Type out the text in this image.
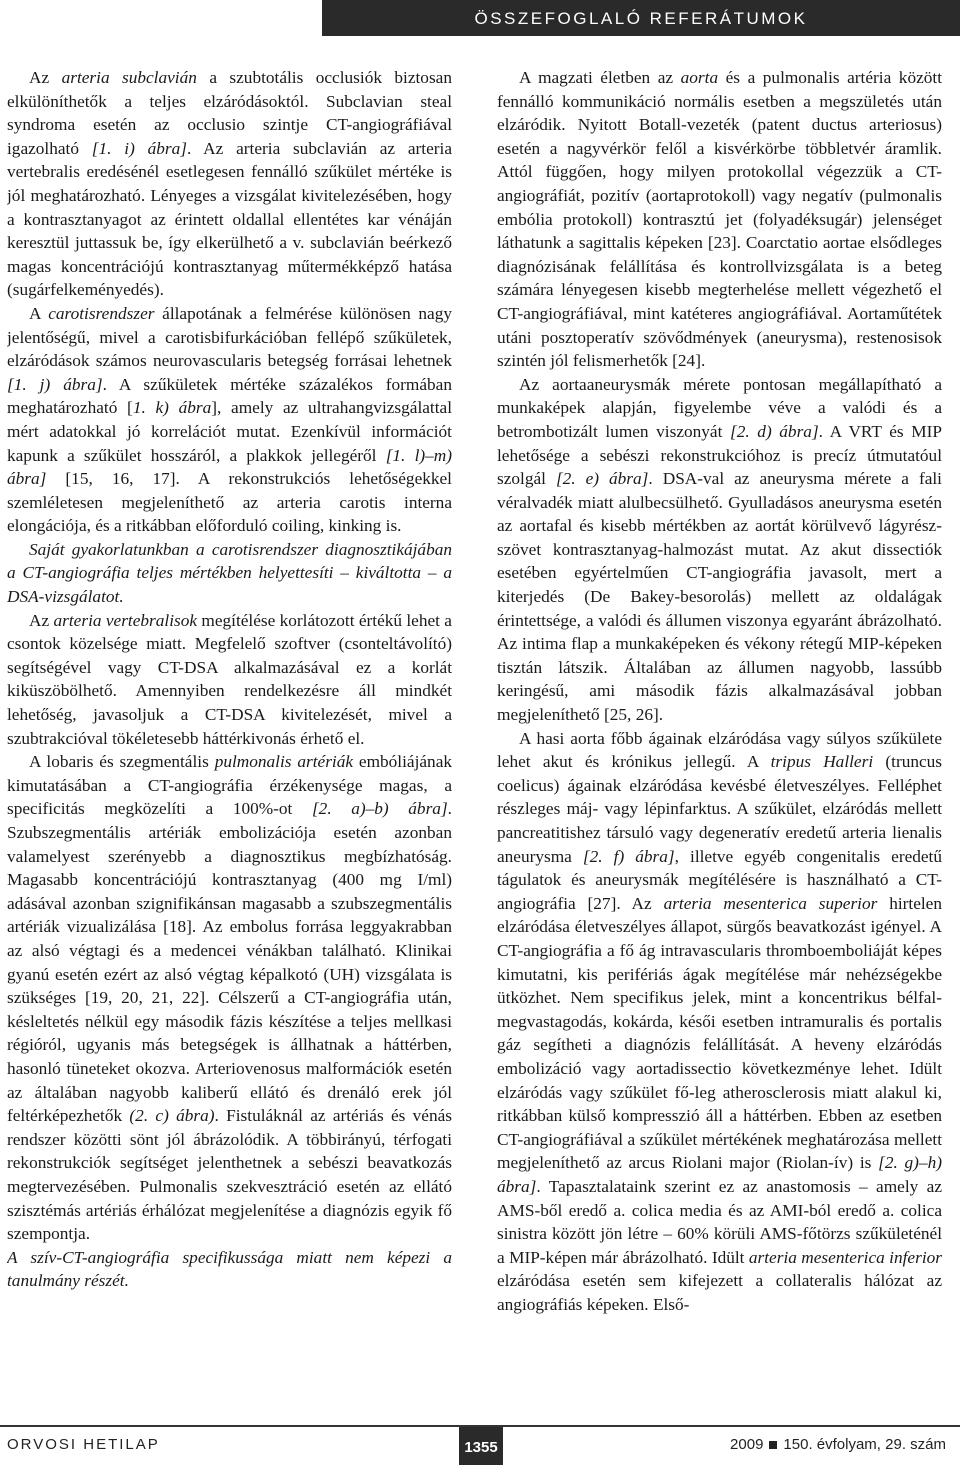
ÖSSZEFOGLALÓ REFERÁTUMOK

Az arteria subclavián a szubtotális occlusiók biztosan elkülöníthetők a teljes elzáródásoktól. Subclavian steal syndroma esetén az occlusio szintje CT-angiográfiával igazolható [1. i) ábra]. Az arteria subclavián az arteria vertebralis eredésénél esetlegesen fennálló szűkület mértéke is jól meghatározható. Lényeges a vizsgálat kivitelezésében, hogy a kontrasztanyagot az érintett oldallal ellentétes kar vénáján keresztül juttassuk be, így elkerülhető a v. subclavián beérkező magas koncentrációjú kontrasztanyag műtermékképző hatása (sugárfelkeményedés).

A carotisrendszer állapotának a felmérése különösen nagy jelentőségű, mivel a carotisbifurkációban fellépő szűkületek, elzáródások számos neurovascularis betegség forrásai lehetnek [1. j) ábra]. A szűkületek mértéke százalékos formában meghatározható [1. k) ábra], amely az ultrahangvizsgálattal mért adatokkal jó korrelációt mutat. Ezenkívül információt kapunk a szűkület hosszáról, a plakkok jellegéről [1. l)–m) ábra] [15, 16, 17]. A rekonstrukciós lehetőségekkel szemléletesen megjeleníthető az arteria carotis interna elongációja, és a ritkábban előforduló coiling, kinking is.

Saját gyakorlatunkban a carotisrendszer diagnosztikájában a CT-angiográfia teljes mértékben helyettesíti – kiváltotta – a DSA-vizsgálatot.

Az arteria vertebralisok megítélése korlátozott értékű lehet a csontok közelsége miatt. Megfelelő szoftver (csonteltávolító) segítségével vagy CT-DSA alkalmazásával ez a korlát kiküszöbölhető. Amennyiben rendelkezésre áll mindkét lehetőség, javasoljuk a CT-DSA kivitelezését, mivel a szubtrakcióval tökéletesebb háttérkivonás érhető el.

A lobaris és szegmentális pulmonalis artériák embóliájának kimutatásában a CT-angiográfia érzékenysége magas, a specificitás megközelíti a 100%-ot [2. a)–b) ábra]. Szubszegmentális artériák embolizációja esetén azonban valamelyest szerényebb a diagnosztikus megbízhatóság. Magasabb koncentrációjú kontrasztanyag (400 mg I/ml) adásával azonban szignifikánsan magasabb a szubszegmentális artériák vizualizálása [18]. Az embolus forrása leggyakrabban az alsó végtagi és a medencei vénákban található. Klinikai gyanú esetén ezért az alsó végtag képalkotó (UH) vizsgálata is szükséges [19, 20, 21, 22]. Célszerű a CT-angiográfia után, késleltetés nélkül egy második fázis készítése a teljes mellkasi régióról, ugyanis más betegségek is állhatnak a háttérben, hasonló tüneteket okozva. Arteriovenosus malformációk esetén az általában nagyobb kaliberű ellátó és drenáló erek jól feltérképezhetők (2. c) ábra). Fistuláknál az artériás és vénás rendszer közötti sönt jól ábrázolódik. A többirányú, térfogati rekonstrukciók segítséget jelenthetnek a sebészi beavatkozás megtervezésében. Pulmonalis szekvesztráció esetén az ellátó szisztémás artériás érhálózat megjelenítése a diagnózis egyik fő szempontja.

A szív-CT-angiográfia specifikussága miatt nem képezi a tanulmány részét.

A magzati életben az aorta és a pulmonalis artéria között fennálló kommunikáció normális esetben a megszületés után elzáródik. Nyitott Botall-vezeték (patent ductus arteriosus) esetén a nagyvérkör felől a kisvérkörbe többletvér áramlik. Attól függően, hogy milyen protokollal végezzük a CT-angiográfiát, pozitív (aortaprotokoll) vagy negatív (pulmonalis embólia protokoll) kontrasztú jet (folyadéksugár) jelenséget láthatunk a sagittalis képeken [23]. Coarctatio aortae elsődleges diagnózisának felállítása és kontrollvizsgálata is a beteg számára lényegesen kisebb megterhelése mellett végezhető el CT-angiográfiával, mint katéteres angiográfiával. Aortaműtétek utáni posztoperatív szövődmények (aneurysma), restenosisok szintén jól felismerhetők [24].

Az aortaaneurysmák mérete pontosan megállapítható a munkaképek alapján, figyelembe véve a valódi és a betrombotizált lumen viszonyát [2. d) ábra]. A VRT és MIP lehetősége a sebészi rekonstrukcióhoz is precíz útmutatóul szolgál [2. e) ábra]. DSA-val az aneurysma mérete a fali véralvadék miatt alulbecsülhető. Gyulladásos aneurysma esetén az aortafal és kisebb mértékben az aortát körülvevő lágyrész-szövet kontrasztanyag-halmozást mutat. Az akut dissectiók esetében egyértelműen CT-angiográfia javasolt, mert a kiterjedés (De Bakey-besorolás) mellett az oldalágak érintettsége, a valódi és állumen viszonya egyaránt ábrázolható. Az intima flap a munkaképeken és vékony rétegű MIP-képeken tisztán látszik. Általában az állumen nagyobb, lassúbb keringésű, ami második fázis alkalmazásával jobban megjeleníthető [25, 26].

A hasi aorta főbb ágainak elzáródása vagy súlyos szűkülete lehet akut és krónikus jellegű. A tripus Halleri (truncus coelicus) ágainak elzáródása kevésbé életveszélyes. Felléphet részleges máj- vagy lépinfarktus. A szűkület, elzáródás mellett pancreatitishez társuló vagy degeneratív eredetű arteria lienalis aneurysma [2. f) ábra], illetve egyéb congenitalis eredetű tágulatok és aneurysmák megítélésére is használható a CT-angiográfia [27]. Az arteria mesenterica superior hirtelen elzáródása életveszélyes állapot, sürgős beavatkozást igényel. A CT-angiográfia a fő ág intravascularis thromboemboliáját képes kimutatni, kis perifériás ágak megítélése már nehézségekbe ütközhet. Nem specifikus jelek, mint a koncentrikus bélfal-megvastagodás, kokárda, késői esetben intramuralis és portalis gáz segítheti a diagnózis felállítását. A heveny elzáródás embolizáció vagy aortadissectio következménye lehet. Idült elzáródás vagy szűkület fő-leg atherosclerosis miatt alakul ki, ritkábban külső kompresszió áll a háttérben. Ebben az esetben CT-angiográfiával a szűkület mértékének meghatározása mellett megjeleníthető az arcus Riolani major (Riolan-ív) is [2. g)–h) ábra]. Tapasztalataink szerint ez az anastomosis – amely az AMS-ből eredő a. colica media és az AMI-ból eredő a. colica sinistra között jön létre – 60% körüli AMS-főtörzs szűkületénél a MIP-képen már ábrázolható. Idült arteria mesenterica inferior elzáródása esetén sem kifejezett a collateralis hálózat az angiográfiás képeken. Első-

ORVOSI HETILAP	1355	2009 150. évfolyam, 29. szám
